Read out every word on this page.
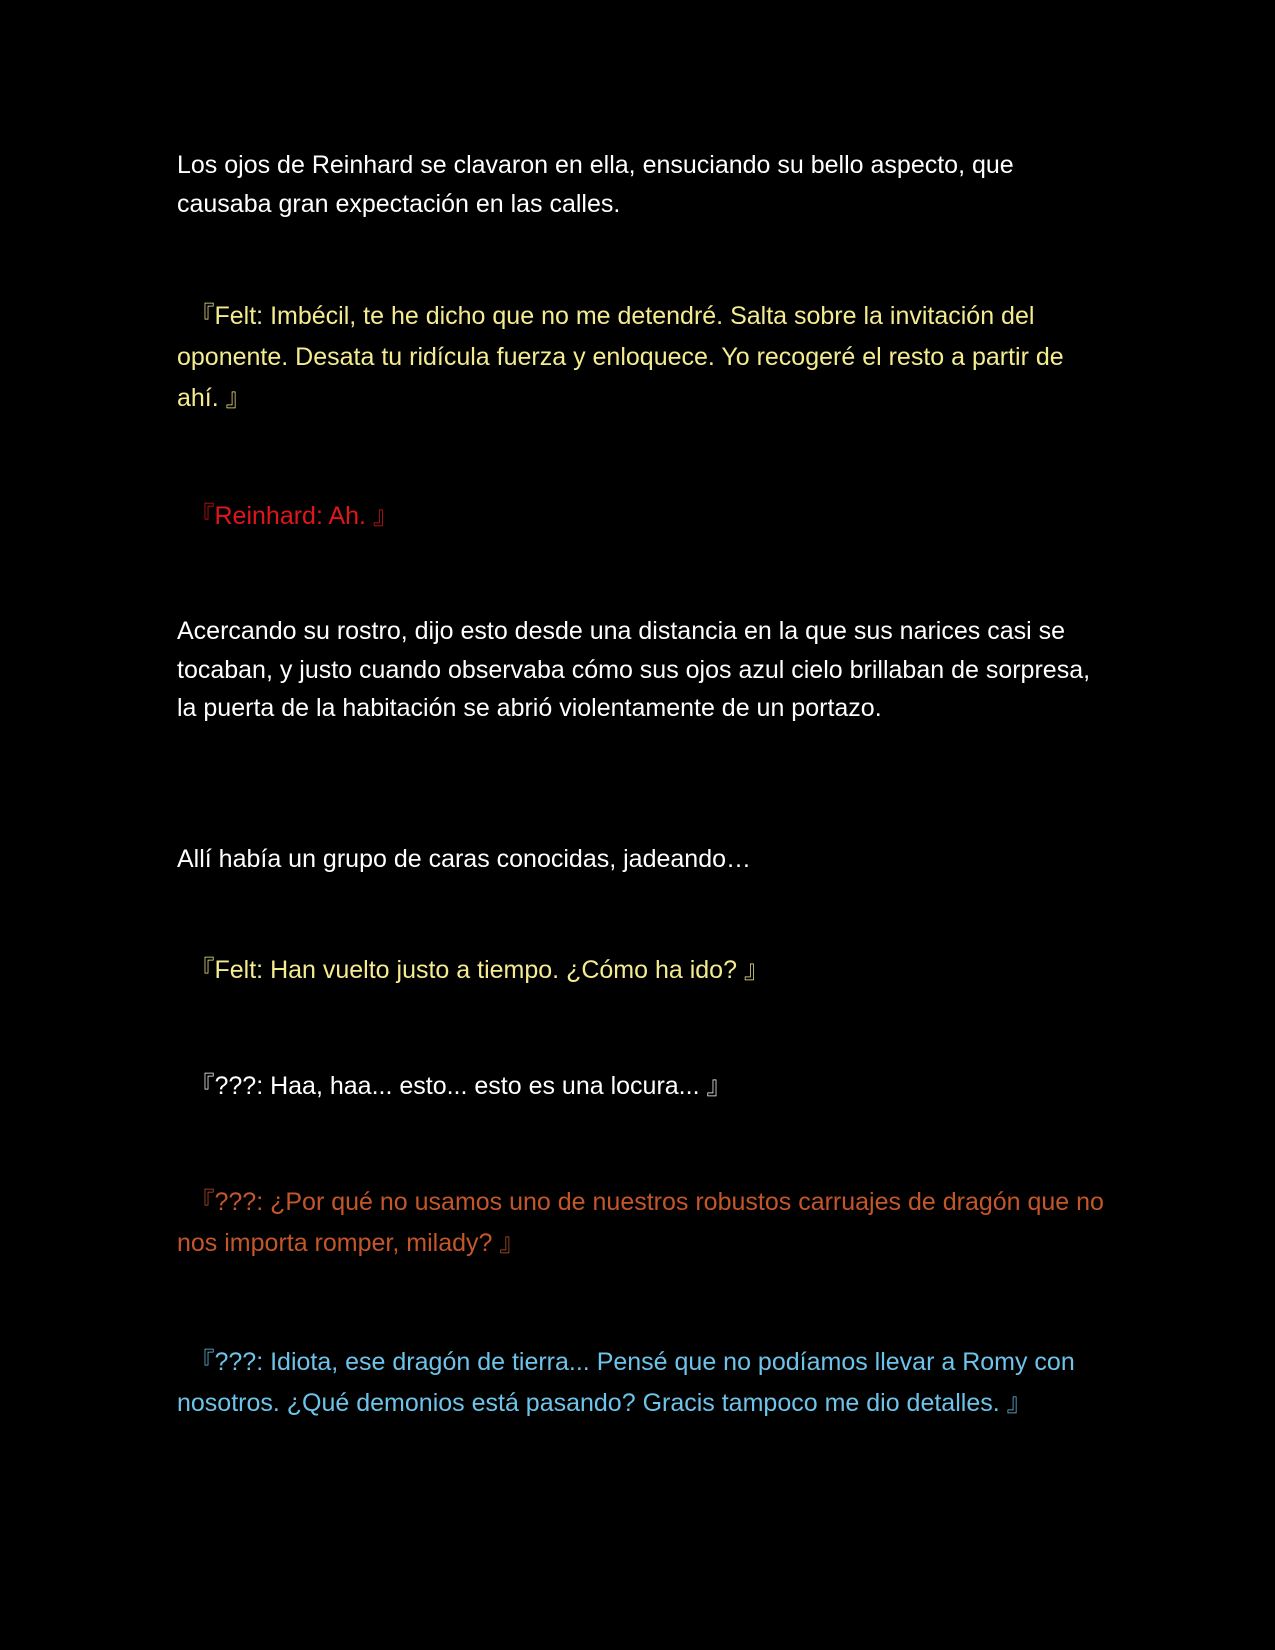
Los ojos de Reinhard se clavaron en ella, ensuciando su bello aspecto, que causaba gran expectación en las calles.

　『Felt: Imbécil, te he dicho que no me detendré. Salta sobre la invitación del oponente. Desata tu ridícula fuerza y enloquece. Yo recogeré el resto a partir de ahí. 』

　『Reinhard: Ah. 』

Acercando su rostro, dijo esto desde una distancia en la que sus narices casi se tocaban, y justo cuando observaba cómo sus ojos azul cielo brillaban de sorpresa, la puerta de la habitación se abrió violentamente de un portazo.

Allí había un grupo de caras conocidas, jadeando…

　『Felt: Han vuelto justo a tiempo. ¿Cómo ha ido? 』

　『???: Haa, haa... esto... esto es una locura... 』

　『???: ¿Por qué no usamos uno de nuestros robustos carruajes de dragón que no nos importa romper, milady? 』

　『???: Idiota, ese dragón de tierra... Pensé que no podíamos llevar a Romy con nosotros. ¿Qué demonios está pasando? Gracis tampoco me dio detalles. 』
